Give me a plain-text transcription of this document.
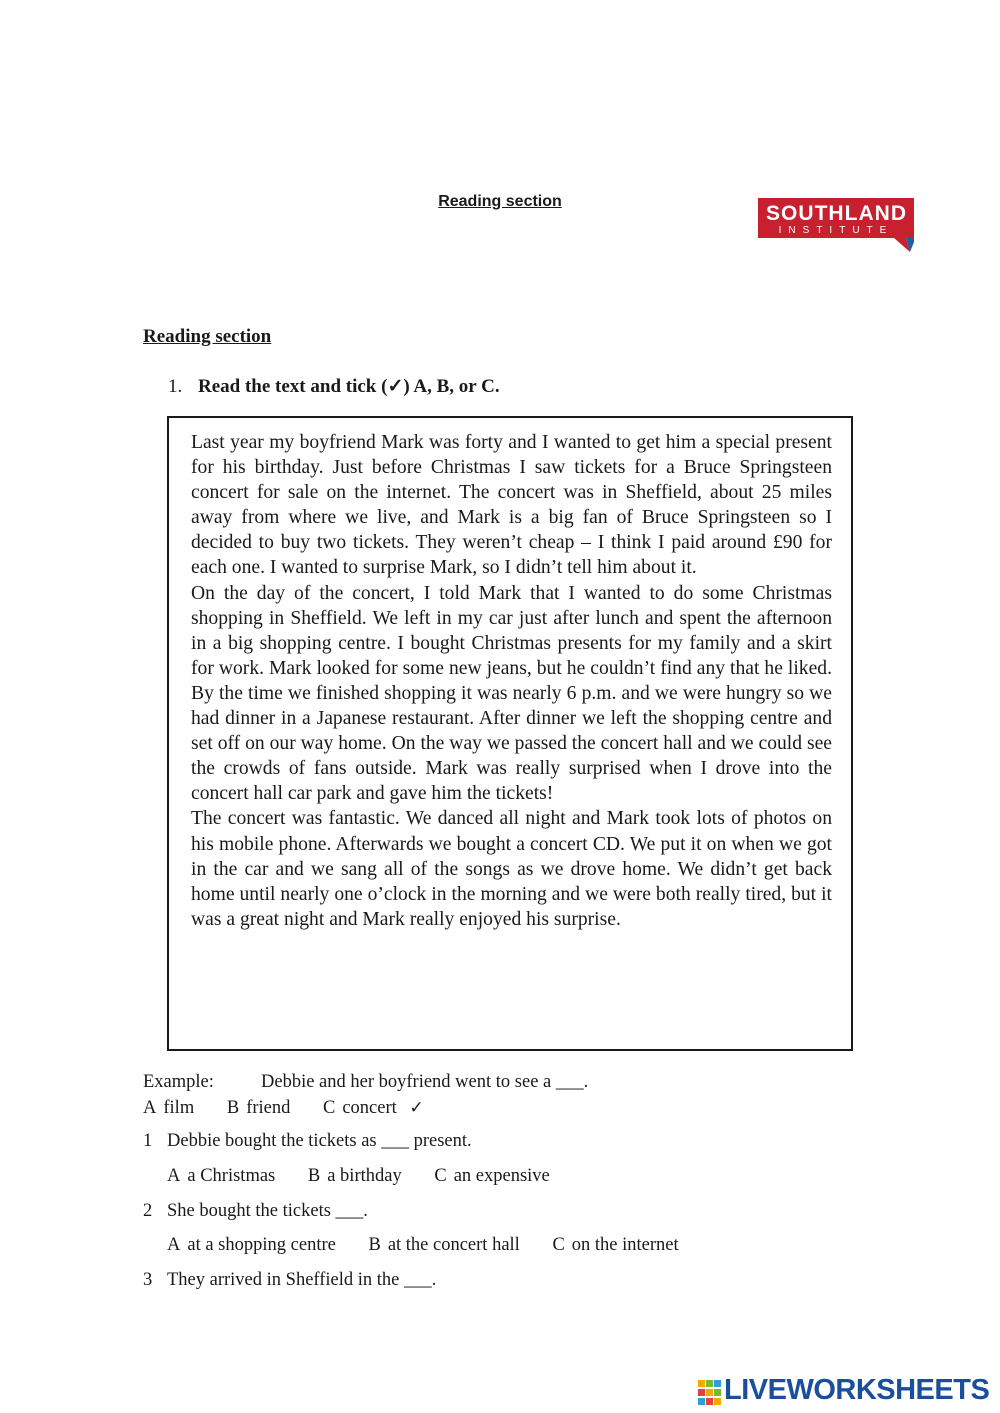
Reading section
SOUTHLAND
INSTITUTE
Reading section
1. Read the text and tick (✓) A, B, or C.

Last year my boyfriend Mark was forty and I wanted to get him a special present for his birthday. Just before Christmas I saw tickets for a Bruce Springsteen concert for sale on the internet. The concert was in Sheffield, about 25 miles away from where we live, and Mark is a big fan of Bruce Springsteen so I decided to buy two tickets. They weren’t cheap – I think I paid around £90 for each one. I wanted to surprise Mark, so I didn’t tell him about it.

On the day of the concert, I told Mark that I wanted to do some Christmas shopping in Sheffield. We left in my car just after lunch and spent the afternoon in a big shopping centre. I bought Christmas presents for my family and a skirt for work. Mark looked for some new jeans, but he couldn’t find any that he liked. By the time we finished shopping it was nearly 6 p.m. and we were hungry so we had dinner in a Japanese restaurant. After dinner we left the shopping centre and set off on our way home. On the way we passed the concert hall and we could see the crowds of fans outside. Mark was really surprised when I drove into the concert hall car park and gave him the tickets!

The concert was fantastic. We danced all night and Mark took lots of photos on his mobile phone. Afterwards we bought a concert CD. We put it on when we got in the car and we sang all of the songs as we drove home. We didn’t get back home until nearly one o’clock in the morning and we were both really tired, but it was a great night and Mark really enjoyed his surprise.

Example:	Debbie and her boyfriend went to see a ___.
A film B friend C concert ✓
1 Debbie bought the tickets as ___ present.
A a Christmas B a birthday C an expensive
2 She bought the tickets ___.
A at a shopping centre B at the concert hall C on the internet
3 They arrived in Sheffield in the ___.
LIVEWORKSHEETS
